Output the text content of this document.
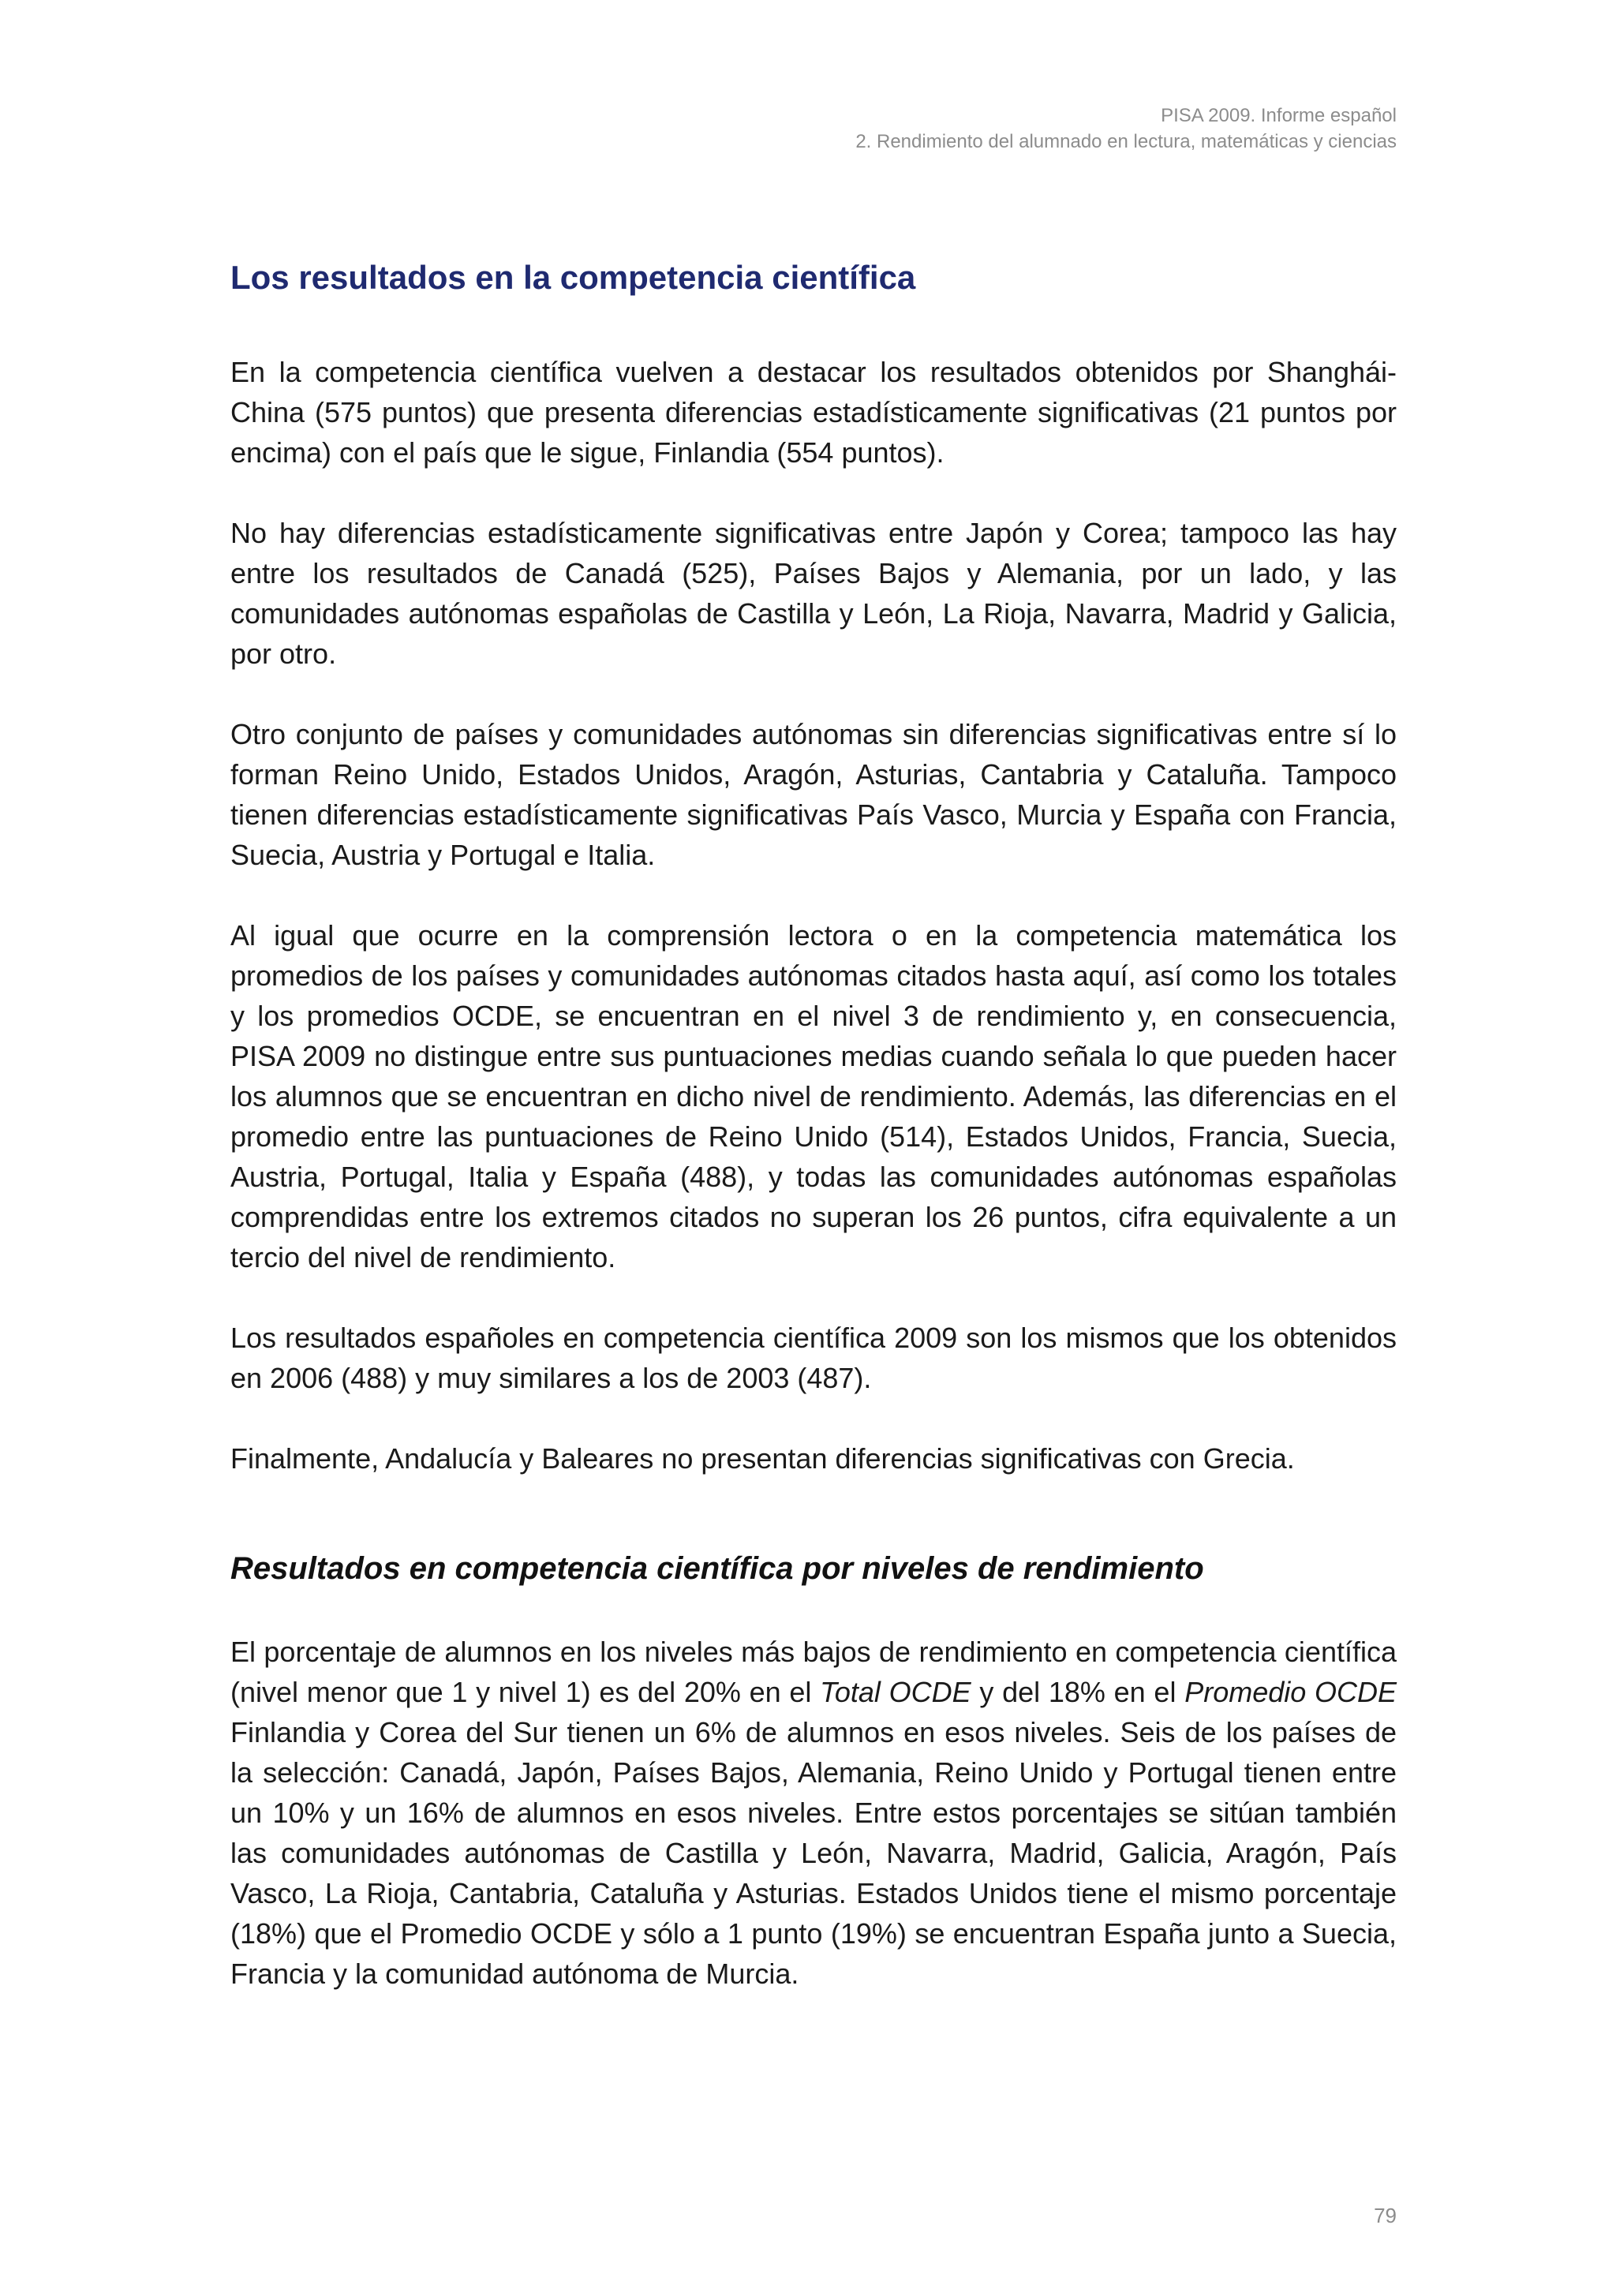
PISA 2009. Informe español
2. Rendimiento del alumnado en lectura, matemáticas y ciencias
Los resultados en la competencia científica

En la competencia científica vuelven a destacar los resultados obtenidos por Shanghái-China (575 puntos) que presenta diferencias estadísticamente significativas (21 puntos por encima) con el país que le sigue, Finlandia (554 puntos).

No hay diferencias estadísticamente significativas entre Japón y Corea; tampoco las hay entre los resultados de Canadá (525), Países Bajos y Alemania, por un lado, y las comunidades autónomas españolas de Castilla y León, La Rioja, Navarra, Madrid y Galicia, por otro.

Otro conjunto de países y comunidades autónomas sin diferencias significativas entre sí lo forman Reino Unido, Estados Unidos, Aragón, Asturias, Cantabria y Cataluña. Tampoco tienen diferencias estadísticamente significativas País Vasco, Murcia y España con Francia, Suecia, Austria y Portugal e Italia.

Al igual que ocurre en la comprensión lectora o en la competencia matemática los promedios de los países y comunidades autónomas citados hasta aquí, así como los totales y los promedios OCDE, se encuentran en el nivel 3 de rendimiento y, en consecuencia, PISA 2009 no distingue entre sus puntuaciones medias cuando señala lo que pueden hacer los alumnos que se encuentran en dicho nivel de rendimiento. Además, las diferencias en el promedio entre las puntuaciones de Reino Unido (514), Estados Unidos, Francia, Suecia, Austria, Portugal, Italia y España (488), y todas las comunidades autónomas españolas comprendidas entre los extremos citados no superan los 26 puntos, cifra equivalente a un tercio del nivel de rendimiento.

Los resultados españoles en competencia científica 2009 son los mismos que los obtenidos en 2006 (488) y muy similares a los de 2003 (487).

Finalmente, Andalucía y Baleares no presentan diferencias significativas con Grecia.

Resultados en competencia científica por niveles de rendimiento

El porcentaje de alumnos en los niveles más bajos de rendimiento en competencia científica (nivel menor que 1 y nivel 1) es del 20% en el Total OCDE y del 18% en el Promedio OCDE Finlandia y Corea del Sur tienen un 6% de alumnos en esos niveles. Seis de los países de la selección: Canadá, Japón, Países Bajos, Alemania, Reino Unido y Portugal tienen entre un 10% y un 16% de alumnos en esos niveles. Entre estos porcentajes se sitúan también las comunidades autónomas de Castilla y León, Navarra, Madrid, Galicia, Aragón, País Vasco, La Rioja, Cantabria, Cataluña y Asturias. Estados Unidos tiene el mismo porcentaje (18%) que el Promedio OCDE y sólo a 1 punto (19%) se encuentran España junto a Suecia, Francia y la comunidad autónoma de Murcia.

79
